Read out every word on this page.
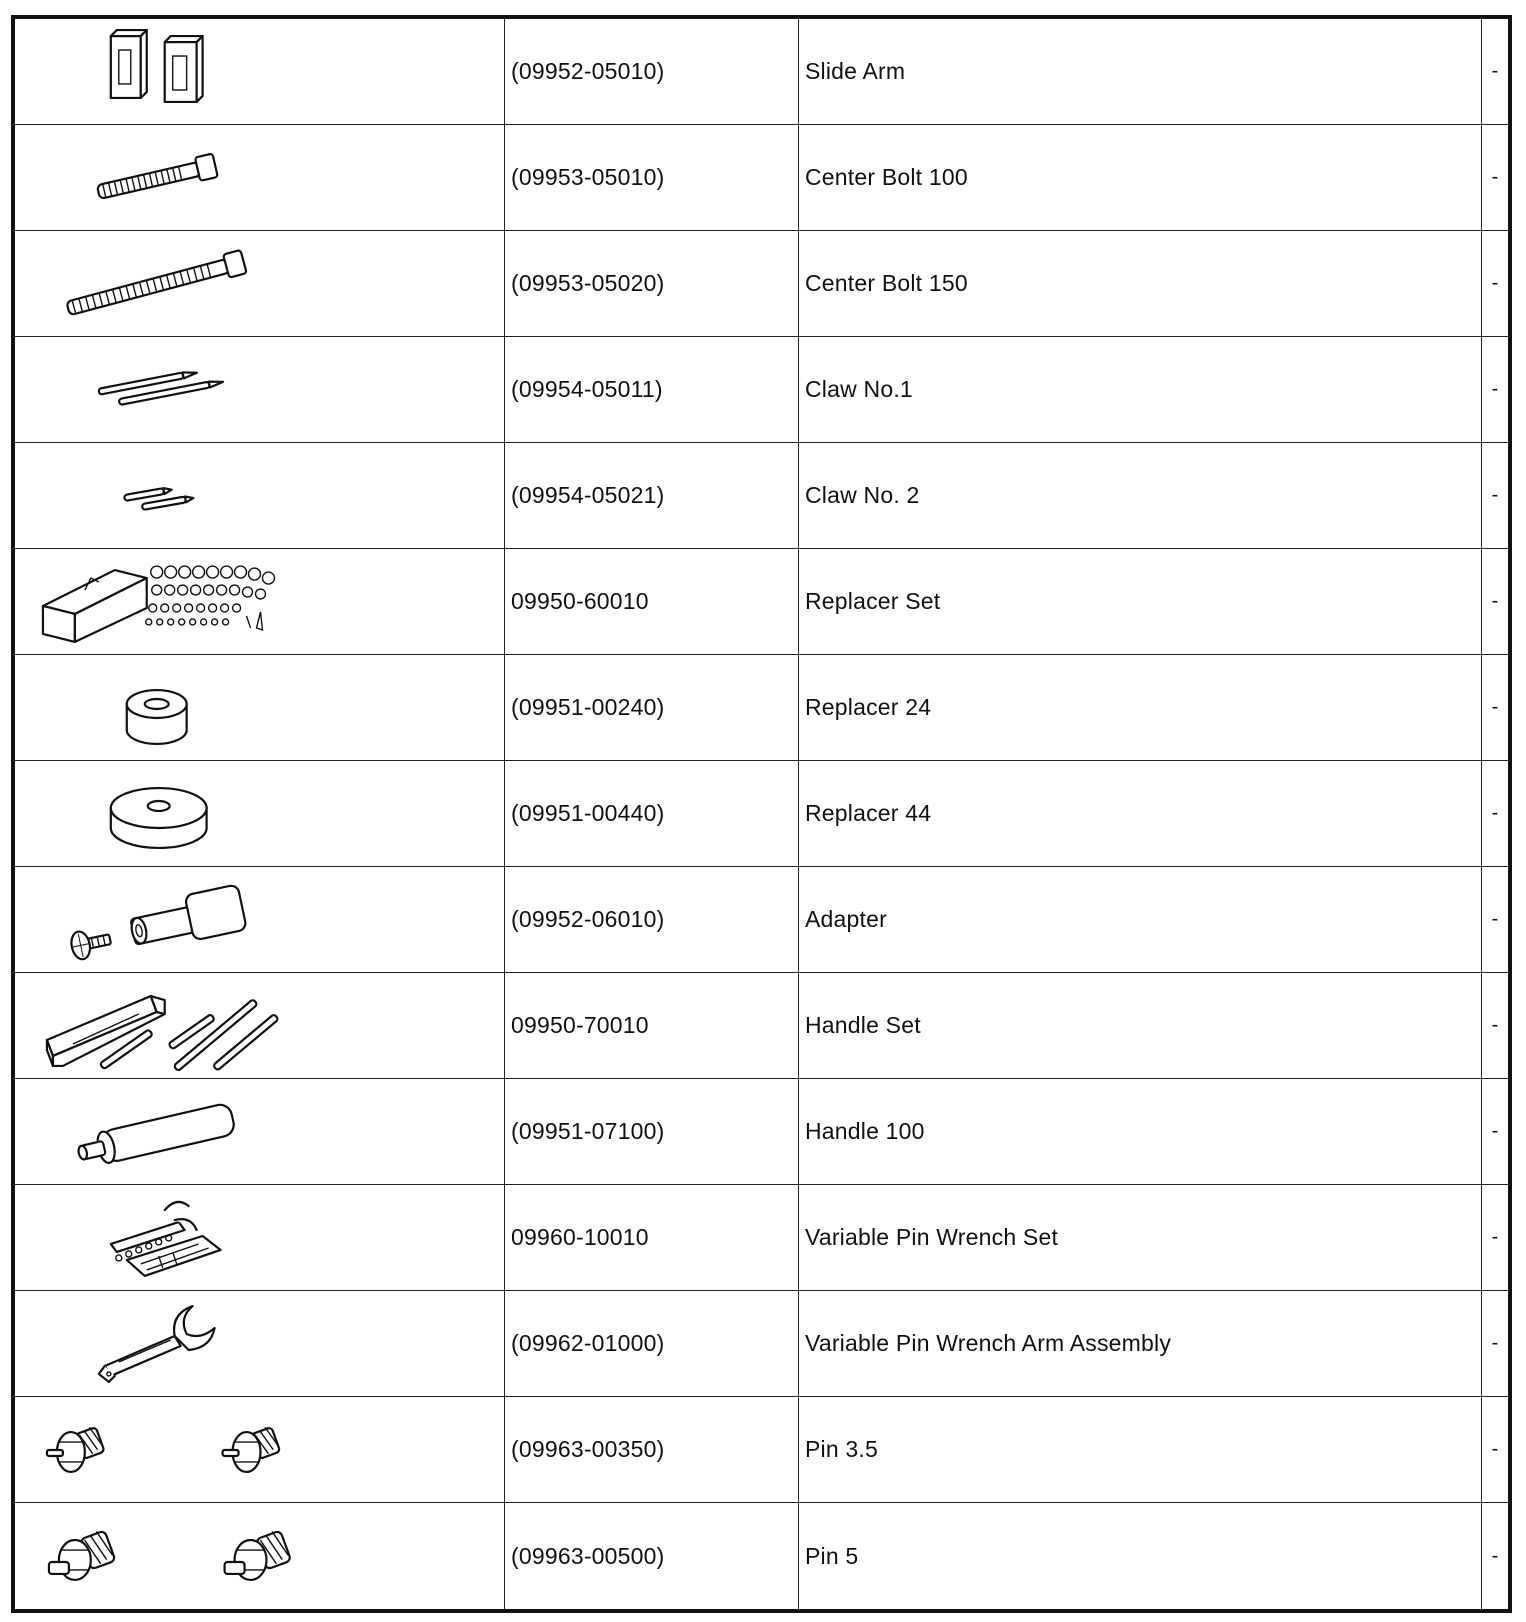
(09952-05010)	Slide Arm	-
(09953-05010)	Center Bolt 100	-
(09953-05020)	Center Bolt 150	-
(09954-05011)	Claw No.1	-
(09954-05021)	Claw No. 2	-
09950-60010	Replacer Set	-
(09951-00240)	Replacer 24	-
(09951-00440)	Replacer 44	-
(09952-06010)	Adapter	-
09950-70010	Handle Set	-
(09951-07100)	Handle 100	-
09960-10010	Variable Pin Wrench Set	-
(09962-01000)	Variable Pin Wrench Arm Assembly	-
(09963-00350)	Pin 3.5	-
(09963-00500)	Pin 5	-
